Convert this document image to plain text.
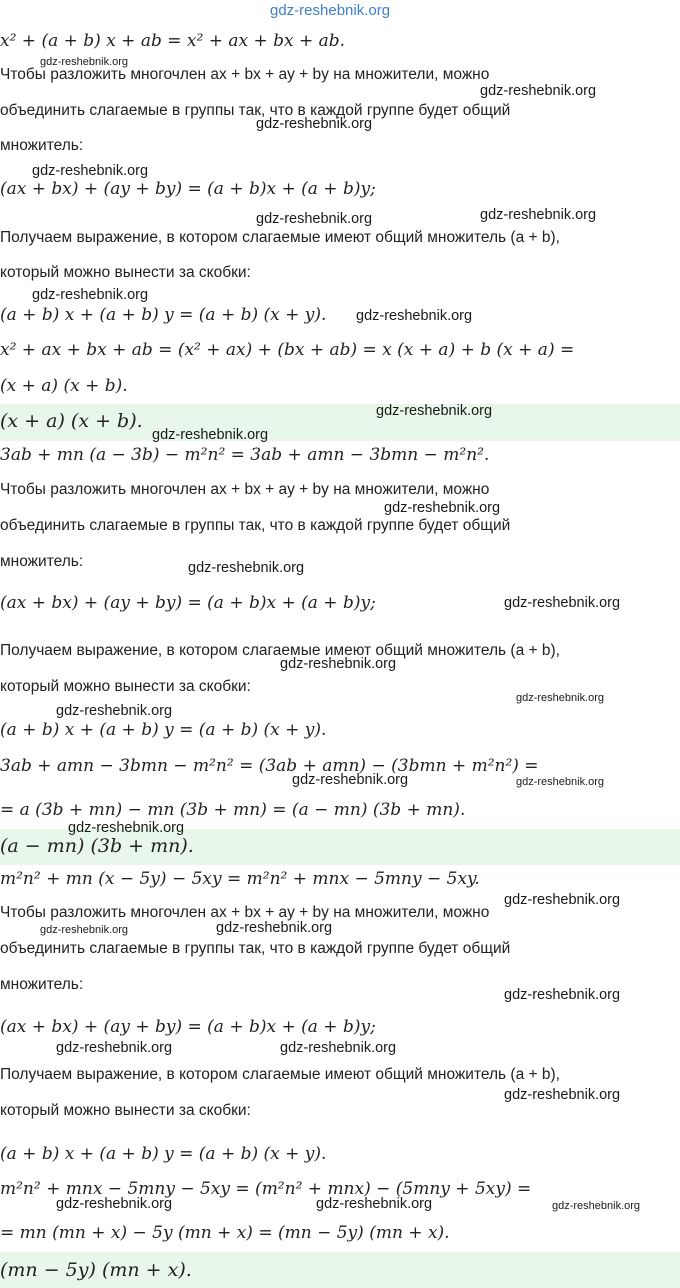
x² + (a + b) x + ab = x² + ax + bx + ab.
Чтобы разложить многочлен ax + bx + ay + by на множители, можно
объединить слагаемые в группы так, что в каждой группе будет общий
множитель:
(ax + bx) + (ay + by) = (a + b)x + (a + b)y;
Получаем выражение, в котором слагаемые имеют общий множитель (a + b),
который можно вынести за скобки:
(a + b) x + (a + b) y = (a + b) (x + y).
x² + ax + bx + ab = (x² + ax) + (bx + ab) = x (x + a) + b (x + a) =
(x + a) (x + b).
(x + a) (x + b).
3ab + mn (a − 3b) − m²n² = 3ab + amn − 3bmn − m²n².
Чтобы разложить многочлен ax + bx + ay + by на множители, можно
объединить слагаемые в группы так, что в каждой группе будет общий
множитель:
(ax + bx) + (ay + by) = (a + b)x + (a + b)y;
Получаем выражение, в котором слагаемые имеют общий множитель (a + b),
который можно вынести за скобки:
(a + b) x + (a + b) y = (a + b) (x + y).
3ab + amn − 3bmn − m²n² = (3ab + amn) − (3bmn + m²n²) =
= a (3b + mn) − mn (3b + mn) = (a − mn) (3b + mn).
(a − mn) (3b + mn).
m²n² + mn (x − 5y) − 5xy = m²n² + mnx − 5mny − 5xy.
Чтобы разложить многочлен ax + bx + ay + by на множители, можно
объединить слагаемые в группы так, что в каждой группе будет общий
множитель:
(ax + bx) + (ay + by) = (a + b)x + (a + b)y;
Получаем выражение, в котором слагаемые имеют общий множитель (a + b),
который можно вынести за скобки:
(a + b) x + (a + b) y = (a + b) (x + y).
m²n² + mnx − 5mny − 5xy = (m²n² + mnx) − (5mny + 5xy) =
= mn (mn + x) − 5y (mn + x) = (mn − 5y) (mn + x).
(mn − 5y) (mn + x).
gdz-reshebnik.org
gdz-reshebnik.org
gdz-reshebnik.org
gdz-reshebnik.org
gdz-reshebnik.org
gdz-reshebnik.org
gdz-reshebnik.org
gdz-reshebnik.org
gdz-reshebnik.org
gdz-reshebnik.org
gdz-reshebnik.org
gdz-reshebnik.org
gdz-reshebnik.org
gdz-reshebnik.org
gdz-reshebnik.org
gdz-reshebnik.org
gdz-reshebnik.org
gdz-reshebnik.org	gdz-reshebnik.org
gdz-reshebnik.org
gdz-reshebnik.org
gdz-reshebnik.org	gdz-reshebnik.org
gdz-reshebnik.org
gdz-reshebnik.org	gdz-reshebnik.org
gdz-reshebnik.org
gdz-reshebnik.org	gdz-reshebnik.org	gdz-reshebnik.org
